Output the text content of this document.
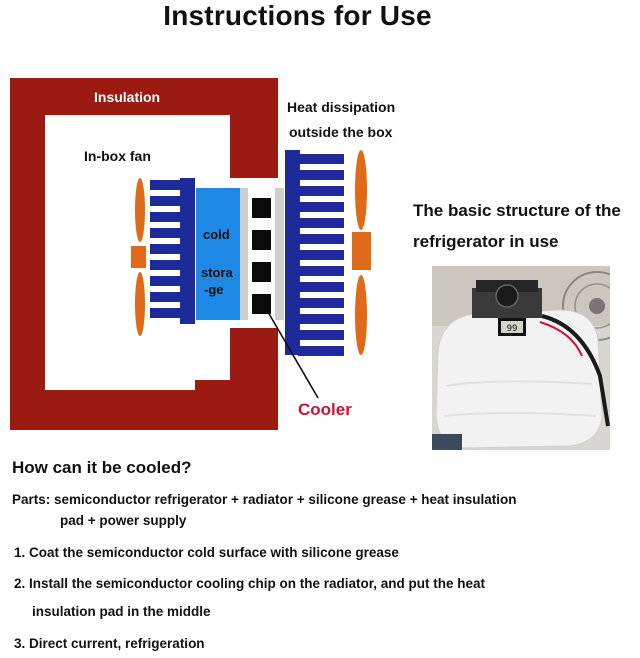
Instructions for Use
Insulation
In-box fan
Heat dissipation
outside the box
cold
stora
-ge
Cooler
The basic structure of the
refrigerator in use
99
How can it be cooled?
Parts: semiconductor refrigerator + radiator + silicone grease + heat insulation
pad + power supply
1. Coat the semiconductor cold surface with silicone grease
2. Install the semiconductor cooling chip on the radiator, and put the heat
insulation pad in the middle
3. Direct current, refrigeration
